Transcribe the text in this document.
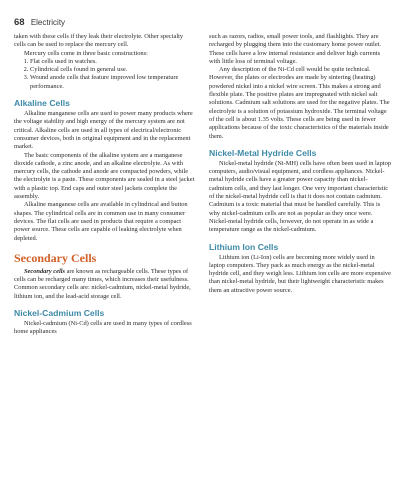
68 Electricity

taken with these cells if they leak their electrolyte. Other specialty cells can be used to replace the mercury cell.

Mercury cells come in three basic constructions:

1. Flat cells used in watches.
2. Cylindrical cells found in general use.
3. Wound anode cells that feature improved low temperature performance.
Alkaline Cells

Alkaline manganese cells are used to power many products where the voltage stability and high energy of the mercury system are not critical. Alkaline cells are used in all types of electrical/electronic consumer devices, both in original equipment and in the replacement market.

The basic components of the alkaline system are a manganese dioxide cathode, a zinc anode, and an alkaline electrolyte. As with mercury cells, the cathode and anode are compacted powders, while the electrolyte is a paste. These components are sealed in a steel jacket with a plastic top. End caps and outer steel jackets complete the assembly.

Alkaline manganese cells are available in cylindrical and button shapes. The cylindrical cells are in common use in many consumer devices. The flat cells are used in products that require a compact power source. These cells are capable of leaking electrolyte when depleted.

Secondary Cells

Secondary cells are known as rechargeable cells. These types of cells can be recharged many times, which increases their usefulness. Common secondary cells are: nickel-cadmium, nickel-metal hydride, lithium ion, and the lead-acid storage cell.

Nickel-Cadmium Cells

Nickel-cadmium (Ni-Cd) cells are used in many types of cordless home appliances

such as razors, radios, small power tools, and flashlights. They are recharged by plugging them into the customary home power outlet. These cells have a low internal resistance and deliver high currents with little loss of terminal voltage.

Any description of the Ni-Cd cell would be quite technical. However, the plates or electrodes are made by sintering (heating) powdered nickel into a nickel wire screen. This makes a strong and flexible plate. The positive plates are impregnated with nickel salt solutions. Cadmium salt solutions are used for the negative plates. The electrolyte is a solution of potassium hydroxide. The terminal voltage of the cell is about 1.35 volts. These cells are being used in fewer applications because of the toxic characteristics of the materials inside them.

Nickel-Metal Hydride Cells

Nickel-metal hydride (Ni-MH) cells have often been used in laptop computers, audio/visual equipment, and cordless appliances. Nickel-metal hydride cells have a greater power capacity than nickel-cadmium cells, and they last longer. One very important characteristic of the nickel-metal hydride cell is that it does not contain cadmium. Cadmium is a toxic material that must be handled carefully. This is why nickel-cadmium cells are not as popular as they once were. Nickel-metal hydride cells, however, do not operate in as wide a temperature range as the nickel-cadmium.

Lithium Ion Cells

Lithium ion (Li-Ion) cells are becoming more widely used in laptop computers. They pack as much energy as the nickel-metal hydride cell, and they weigh less. Lithium ion cells are more expensive than nickel-metal hydride, but their lightweight characteristic makes them an attractive power source.
